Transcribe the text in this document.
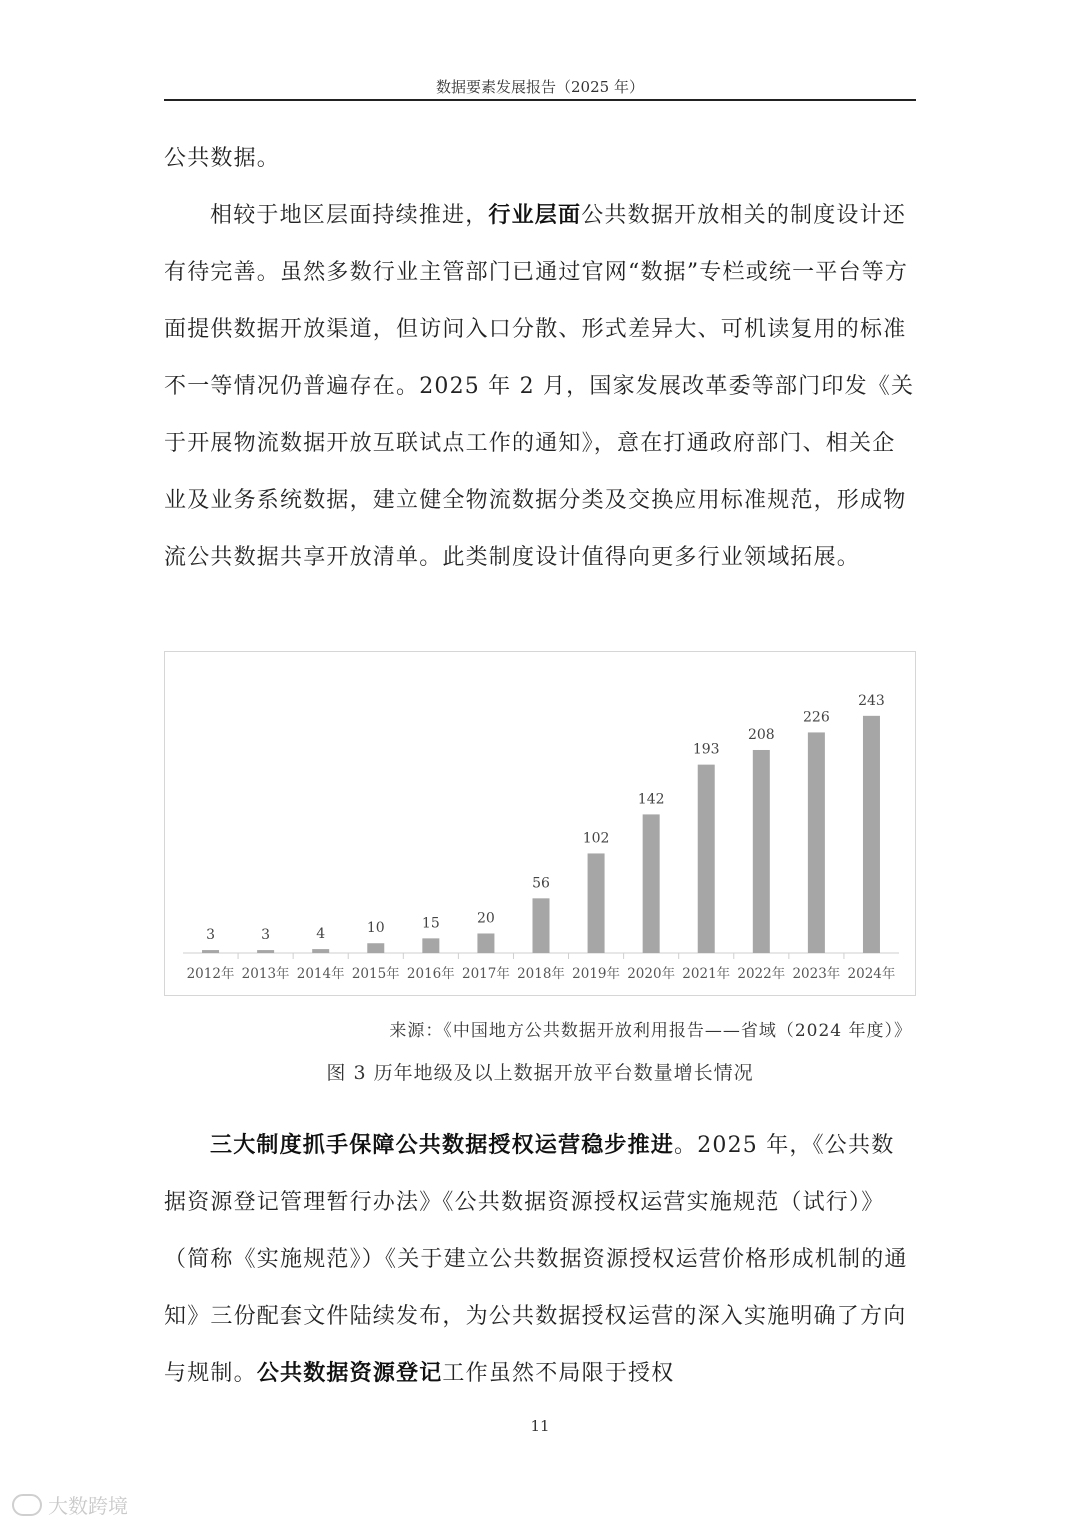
数据要素发展报告（2025 年）

公共数据。

相较于地区层面持续推进，行业层面公共数据开放相关的制度设计还有待完善。虽然多数行业主管部门已通过官网“数据”专栏或统一平台等方面提供数据开放渠道，但访问入口分散、形式差异大、可机读复用的标准不一等情况仍普遍存在。2025 年 2 月，国家发展改革委等部门印发《关于开展物流数据开放互联试点工作的通知》，意在打通政府部门、相关企业及业务系统数据，建立健全物流数据分类及交换应用标准规范，形成物流公共数据共享开放清单。此类制度设计值得向更多行业领域拓展。

3
2012年
3
2013年
4
2014年
10
2015年
15
2016年
20
2017年
56
2018年
102
2019年
142
2020年
193
2021年
208
2022年
226
2023年
243
2024年
来源：《中国地方公共数据开放利用报告——省域（2024 年度）》
图 3 历年地级及以上数据开放平台数量增长情况

三大制度抓手保障公共数据授权运营稳步推进。2025 年，《公共数据资源登记管理暂行办法》《公共数据资源授权运营实施规范（试行）》（简称《实施规范》）《关于建立公共数据资源授权运营价格形成机制的通知》三份配套文件陆续发布，为公共数据授权运营的深入实施明确了方向与规制。公共数据资源登记工作虽然不局限于授权

11
大数跨境
